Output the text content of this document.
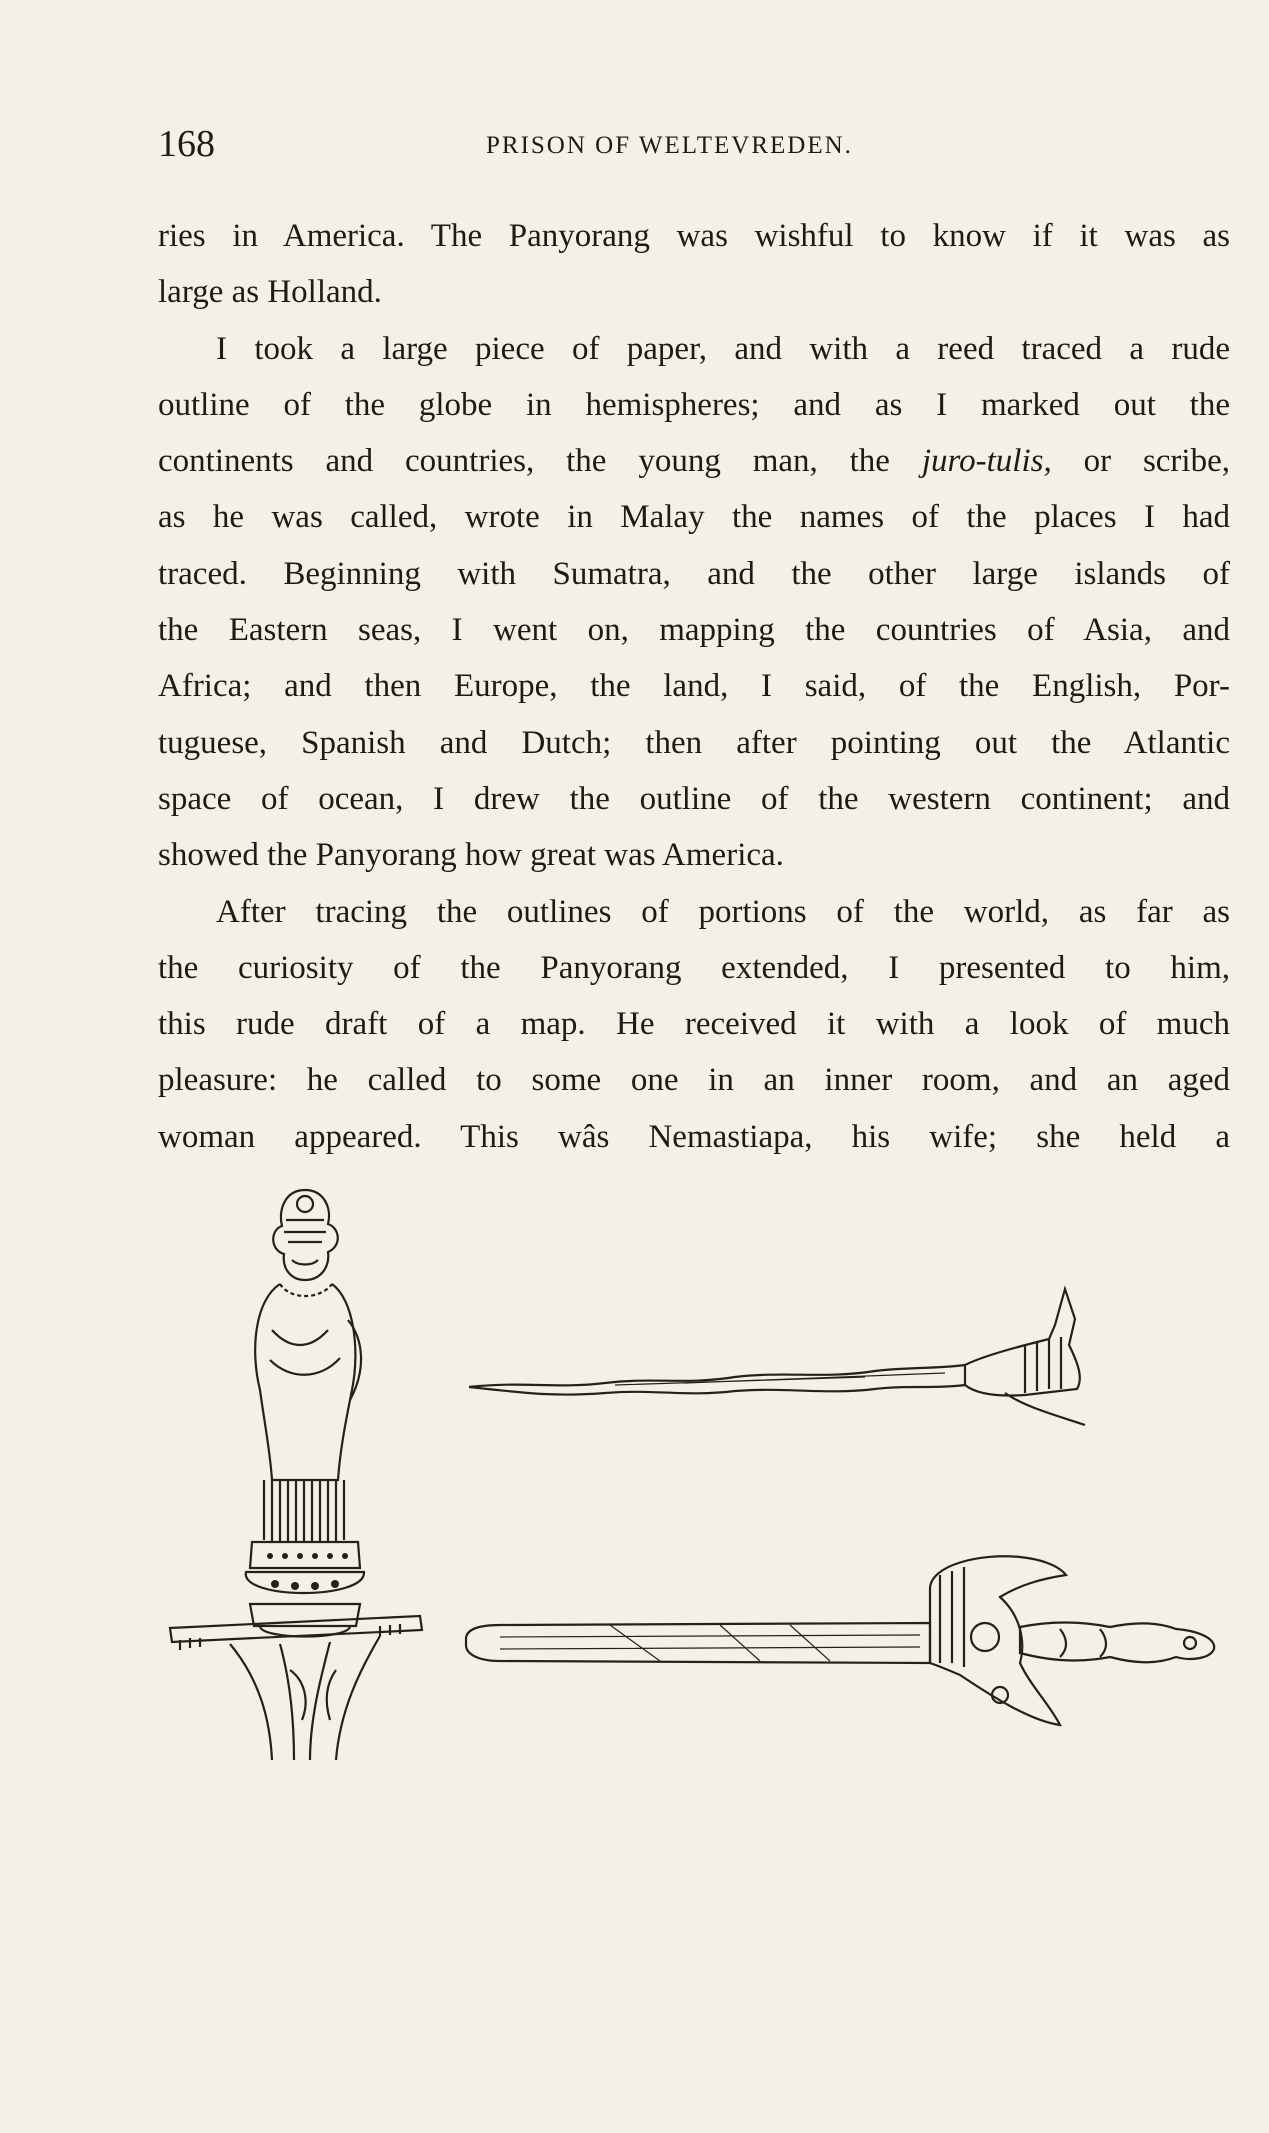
168	PRISON OF WELTEVREDEN.
ries in America. The Panyorang was wishful to know if it was as
large as Holland.
I took a large piece of paper, and with a reed traced a rude
outline of the globe in hemispheres; and as I marked out the
continents and countries, the young man, the juro-tulis, or scribe,
as he was called, wrote in Malay the names of the places I had
traced. Beginning with Sumatra, and the other large islands of
the Eastern seas, I went on, mapping the countries of Asia, and
Africa; and then Europe, the land, I said, of the English, Por-
tuguese, Spanish and Dutch; then after pointing out the Atlantic
space of ocean, I drew the outline of the western continent; and
showed the Panyorang how great was America.
After tracing the outlines of portions of the world, as far as
the curiosity of the Panyorang extended, I presented to him,
this rude draft of a map. He received it with a look of much
pleasure: he called to some one in an inner room, and an aged
woman appeared. This wâs Nemastiapa, his wife; she held a
